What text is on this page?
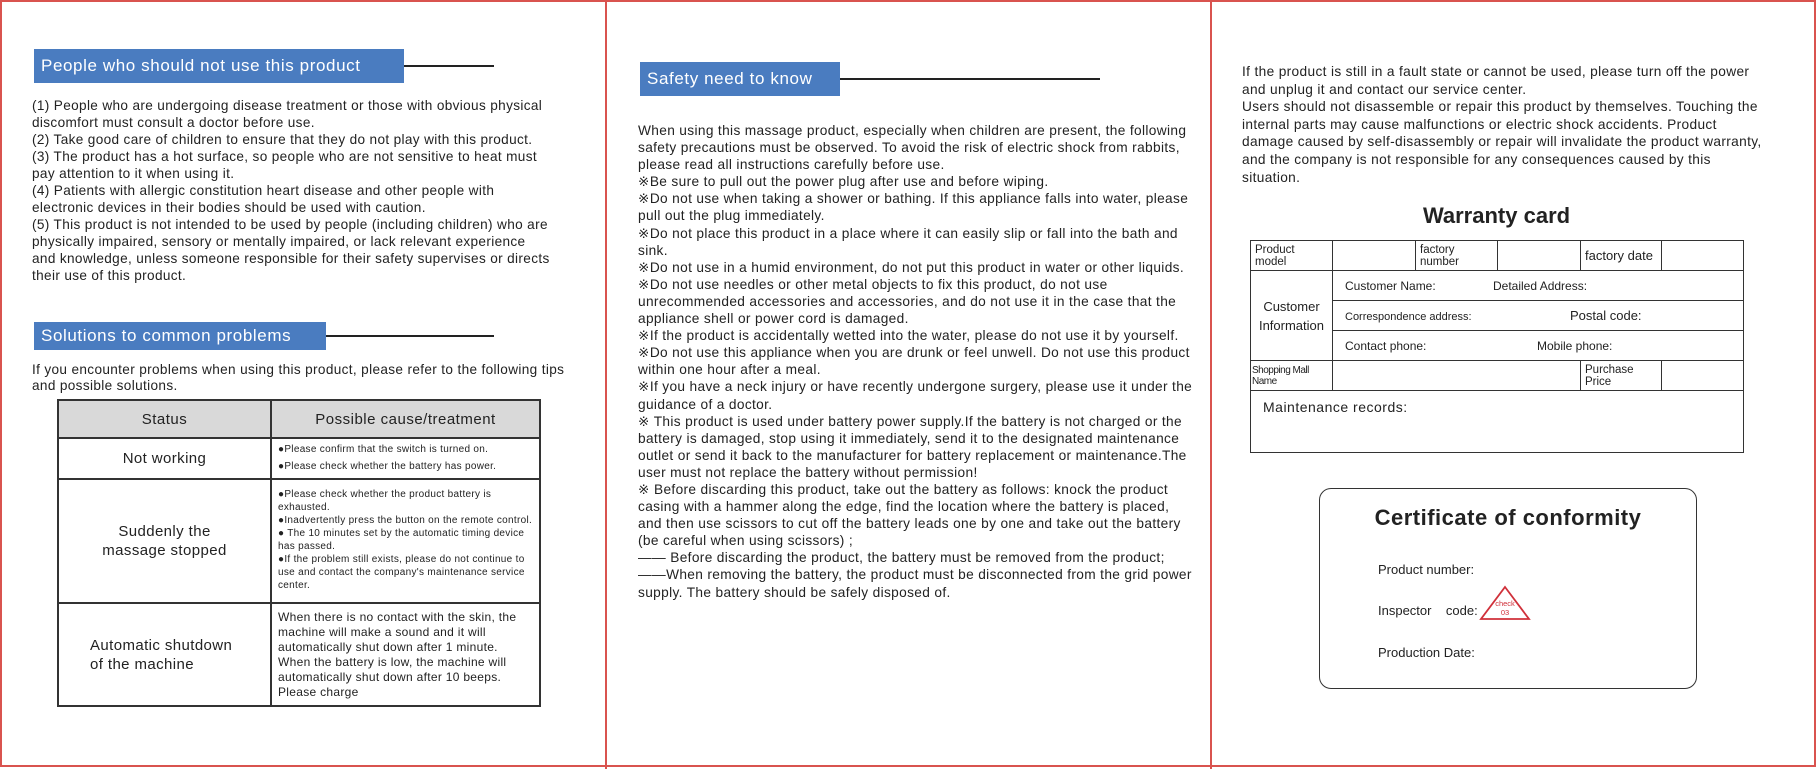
People who should not use this product

(1) People who are undergoing disease treatment or those with obvious physical discomfort must consult a doctor before use.

(2) Take good care of children to ensure that they do not play with this product.

(3) The product has a hot surface, so people who are not sensitive to heat must pay attention to it when using it.

(4) Patients with allergic constitution heart disease and other people with electronic devices in their bodies should be used with caution.

(5) This product is not intended to be used by people (including children) who are physically impaired, sensory or mentally impaired, or lack relevant experience and knowledge, unless someone responsible for their safety supervises or directs their use of this product.

Solutions to common problems
If you encounter problems when using this product, please refer to the following tips and possible solutions.
Status	Possible cause/treatment
Not working	●Please confirm that the switch is turned on.

●Please check whether the battery has power.

Suddenly the massage stopped	●Please check whether the product battery is exhausted.

●Inadvertently press the button on the remote control.

● The 10 minutes set by the automatic timing device has passed.

●If the problem still exists, please do not continue to use and contact the company's maintenance service center.

Automatic shutdown of the machine	When there is no contact with the skin, the machine will make a sound and it will automatically shut down after 1 minute. When the battery is low, the machine will automatically shut down after 10 beeps. Please charge
Safety need to know

When using this massage product, especially when children are present, the following safety precautions must be observed. To avoid the risk of electric shock from rabbits, please read all instructions carefully before use.

※Be sure to pull out the power plug after use and before wiping.

※Do not use when taking a shower or bathing. If this appliance falls into water, please pull out the plug immediately.

※Do not place this product in a place where it can easily slip or fall into the bath and sink.

※Do not use in a humid environment, do not put this product in water or other liquids.

※Do not use needles or other metal objects to fix this product, do not use unrecommended accessories and accessories, and do not use it in the case that the appliance shell or power cord is damaged.

※If the product is accidentally wetted into the water, please do not use it by yourself.

※Do not use this appliance when you are drunk or feel unwell. Do not use this product within one hour after a meal.

※If you have a neck injury or have recently undergone surgery, please use it under the guidance of a doctor.

※ This product is used under battery power supply.If the battery is not charged or the battery is damaged, stop using it immediately, send it to the designated maintenance outlet or send it back to the manufacturer for battery replacement or maintenance.The user must not replace the battery without permission!

※ Before discarding this product, take out the battery as follows: knock the product casing with a hammer along the edge, find the location where the battery is placed, and then use scissors to cut off the battery leads one by one and take out the battery (be careful when using scissors) ;

—— Before discarding the product, the battery must be removed from the product;

——When removing the battery, the product must be disconnected from the grid power supply. The battery should be safely disposed of.

If the product is still in a fault state or cannot be used, please turn off the power and unplug it and contact our service center.

Users should not disassemble or repair this product by themselves. Touching the internal parts may cause malfunctions or electric shock accidents. Product damage caused by self-disassembly or repair will invalidate the product warranty, and the company is not responsible for any consequences caused by this situation.

Warranty card
Product model		factory number		factory date	
Customer Information	Customer Name: Detailed Address:				
	Correspondence address: Postal code:				
	Contact phone: Mobile phone:				
Shopping Mall Name				Purchase Price	
Maintenance records:					
Certificate of conformity
Product number:
Inspector    code: check
03
Production Date:
